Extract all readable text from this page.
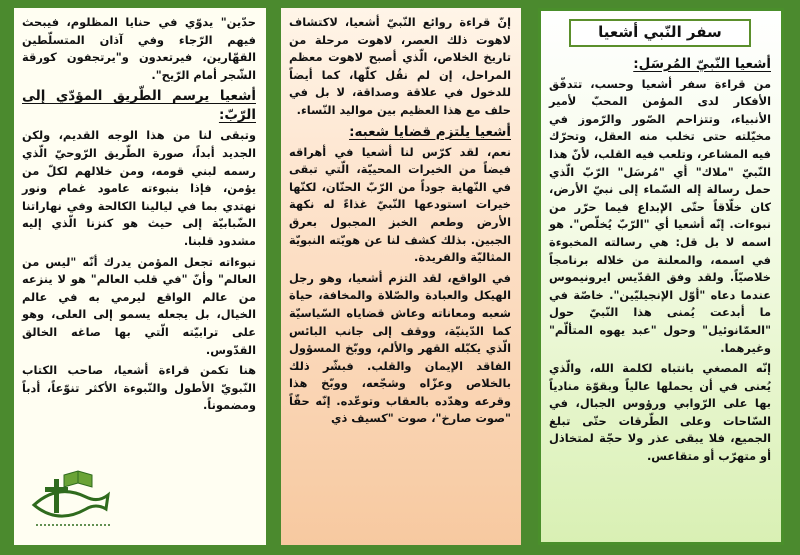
حدّين" يدوّي في حنايا المظلوم، فيبحث فيهم الرّجاء وفي آذان المتسلّطين القهّارين، فيرتعدون و"يرتجفون كورقة الشّجر أمام الرّيح".

أشعيا يرسم الطّريق المؤدّي إلى الرّبّ:

وتبقى لنا من هذا الوجه القديم، ولكن الجديد أبداً، صورة الطّريق الرّوحيّ الّذي رسمه لبني قومه، ومن خلالهم لكلّ من يؤمن، فإذا بنبوءته عامود غمام ونور نهتدي بما في ليالينا الكالحة وفي نهاراتنا الضّبابيّة إلى حيث هو كنزنا الّذي إليه مشدود قلبنا.

نبوءاته تجعل المؤمن يدرك أنّه "ليس من العالم" وأنّ "في قلب العالم" هو لا ينزعه من عالم الواقع ليرمي به في عالم الخيال، بل يجعله يسمو إلى العلى، وهو على ترابيّته الّتي بها صاغه الخالق القدّوس.

هنا تكمن قراءة أشعيا، صاحب الكتاب النّبويّ الأطول والنّبوءة الأكثر تنوّعاً، أدباً ومضموناً.

إنّ قراءة روائع النّبيّ أشعيا، لاكتشاف لاهوت ذلك العصر، لاهوت مرحلة من تاريخ الخلاص، الّذي أصبح لاهوت معظم المراحل، إن لم نقُل كلّها، كما أيضاً للدخول في علاقة وصداقة، لا بل في حلف مع هذا العظيم بين مواليد النّساء.

أشعيا يلتزم قضايا شعبه:

نعم، لقد كرّس لنا أشعيا في أهراقه فيضاً من الخيرات المحييّة، الّتي تبقى في النّهاية جوداً من الرّبّ الحنّان، لكنّها خيرات استودعها النّبيّ غذاءً له نكهة الأرض وطعم الخبز المجبول بعرق الجبين. بذلك كشف لنا عن هويّته النبويّة المثاليّة والفريدة.

في الواقع، لقد التزم أشعيا، وهو رجل الهيكل والعبادة والصّلاة والمخافة، حياة شعبه ومعاناته وعاش قضاياه السّياسيّة كما الدّينيّة، ووقف إلى جانب البائس الّذي يكبّله القهر والألم، ووبّخ المسؤول الفاقد الإيمان والقلب. فبشّر ذلك بالخلاص وعزّاه وشجّعه، ووبّخ هذا وقرعه وهدّده بالعقاب وتوعّده. إنّه حقّاً "صوت صارخ"، صوت "كسيف ذي

سفر النّبي أشعيا
أشعيا النّبيّ المُرسَل:

من قراءة سفر أشعيا وحسب، تتدفّق الأفكار لدى المؤمن المحبّ لأمير الأنبياء، وتتزاحم الصّور والرّموز في مخيّلته حتى تخلب منه العقل، وتحرّك فيه المشاعر، وتلعب فيه القلب، لأنّ هذا النّبيّ "ملاك" أي "مُرسَل" الرّبّ الّذي حمل رسالة إله السّماء إلى نبيّ الأرض، كان خلّاقاً حتّى الإبداع فيما حرّر من نبوءات. إنّه أشعيا أي "الرّبّ يُخلّص". هو اسمه لا بل قل: هي رسالته المخبوءة في اسمه، والمعلنة من خلاله برنامجاً خلاصيّاً. ولقد وفق القدّيس ايرونيموس عندما دعاه "أوّل الإنجيليّين". خاصّة في ما أبدعت يُمنى هذا النّبيّ حول "العمّانوئيل" وحول "عبد يهوه المتألّم" وغيرهما.

إنّه المصغي بانتباه لكلمة الله، والّذي يُعنى في أن يحملها عالياً وبقوّة منادياً بها على الرّوابي ورؤوس الجبال، في السّاحات وعلى الطّرقات حتّى تبلغ الجميع، فلا يبقى عذر ولا حجّة لمتخاذل أو متهرّب أو متقاعس.
